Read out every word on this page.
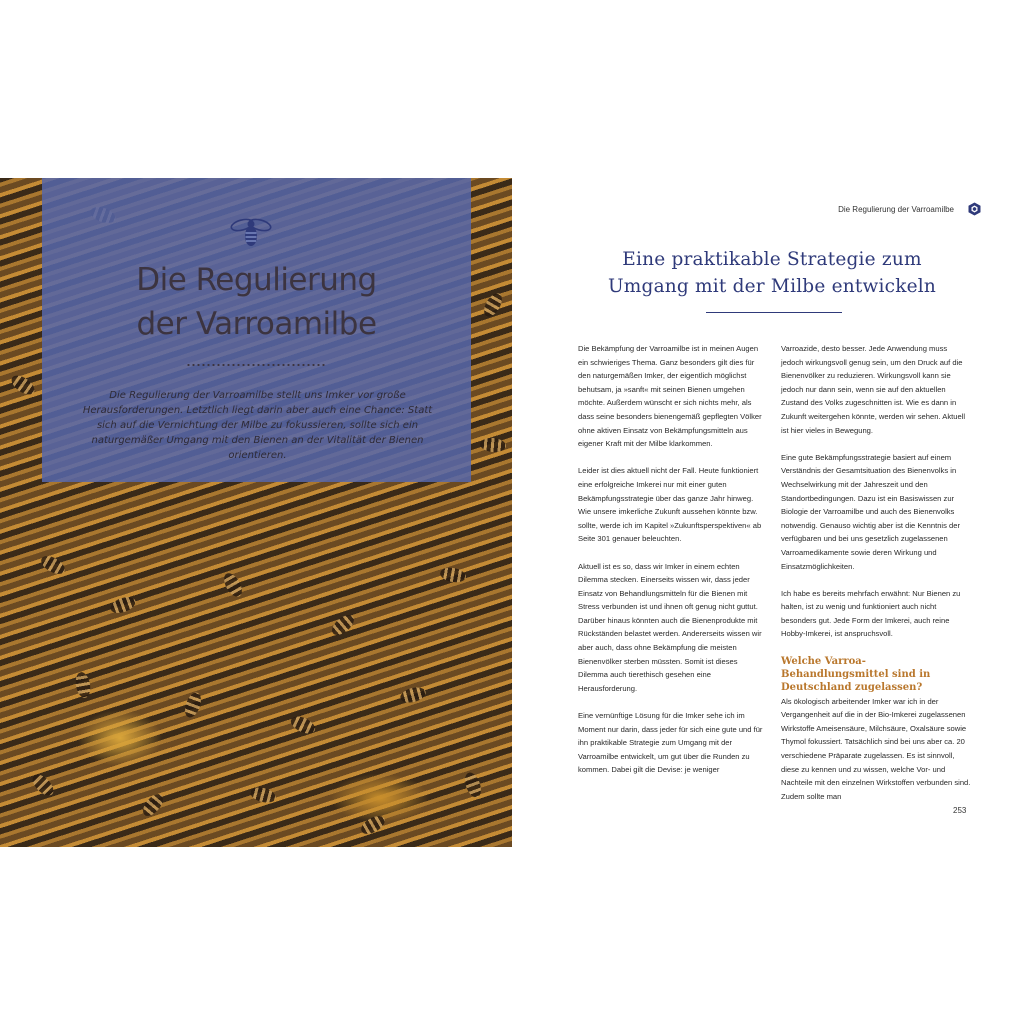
Die Regulierung
der Varroamilbe
Die Regulierung der Varroamilbe stellt uns Imker vor große Herausforderungen. Letztlich liegt darin aber auch eine Chance: Statt sich auf die Vernichtung der Milbe zu fokussieren, sollte sich ein naturgemäßer Umgang mit den Bienen an der Vitalität der Bienen orientieren.
Die Regulierung der Varroamilbe
Eine praktikable Strategie zum
Umgang mit der Milbe entwickeln

Die Bekämpfung der Varroamilbe ist in meinen Augen ein schwieriges Thema. Ganz besonders gilt dies für den naturgemäßen Imker, der eigentlich möglichst behutsam, ja »sanft« mit seinen Bienen umgehen möchte. Außerdem wünscht er sich nichts mehr, als dass seine besonders bienengemäß gepflegten Völker ohne aktiven Einsatz von Bekämpfungsmitteln aus eigener Kraft mit der Milbe klarkommen.

Leider ist dies aktuell nicht der Fall. Heute funktioniert eine erfolgreiche Imkerei nur mit einer guten Bekämpfungsstrategie über das ganze Jahr hinweg. Wie unsere imkerliche Zukunft aussehen könnte bzw. sollte, werde ich im Kapitel »Zukunftsperspektiven« ab Seite 301 genauer beleuchten.

Aktuell ist es so, dass wir Imker in einem echten Dilemma stecken. Einerseits wissen wir, dass jeder Einsatz von Behandlungsmitteln für die Bienen mit Stress verbunden ist und ihnen oft genug nicht guttut. Darüber hinaus könnten auch die Bienenprodukte mit Rückständen belastet werden. Andererseits wissen wir aber auch, dass ohne Bekämpfung die meisten Bienenvölker sterben müssten. Somit ist dieses Dilemma auch tierethisch gesehen eine Herausforderung.

Eine vernünftige Lösung für die Imker sehe ich im Moment nur darin, dass jeder für sich eine gute und für ihn praktikable Strategie zum Umgang mit der Varroamilbe entwickelt, um gut über die Runden zu kommen. Dabei gilt die Devise: je weniger

Varroazide, desto besser. Jede Anwendung muss jedoch wirkungsvoll genug sein, um den Druck auf die Bienenvölker zu reduzieren. Wirkungsvoll kann sie jedoch nur dann sein, wenn sie auf den aktuellen Zustand des Volks zugeschnitten ist. Wie es dann in Zukunft weitergehen könnte, werden wir sehen. Aktuell ist hier vieles in Bewegung.

Eine gute Bekämpfungsstrategie basiert auf einem Verständnis der Gesamtsituation des Bienenvolks in Wechselwirkung mit der Jahreszeit und den Standortbedingungen. Dazu ist ein Basiswissen zur Biologie der Varroamilbe und auch des Bienenvolks notwendig. Genauso wichtig aber ist die Kenntnis der verfügbaren und bei uns gesetzlich zugelassenen Varroamedikamente sowie deren Wirkung und Einsatzmöglichkeiten.

Ich habe es bereits mehrfach erwähnt: Nur Bienen zu halten, ist zu wenig und funktioniert auch nicht besonders gut. Jede Form der Imkerei, auch reine Hobby-Imkerei, ist anspruchsvoll.

Welche Varroa-Behandlungsmittel sind in Deutschland zugelassen?

Als ökologisch arbeitender Imker war ich in der Vergangenheit auf die in der Bio-Imkerei zugelassenen Wirkstoffe Ameisensäure, Milchsäure, Oxalsäure sowie Thymol fokussiert. Tatsächlich sind bei uns aber ca. 20 verschiedene Präparate zugelassen. Es ist sinnvoll, diese zu kennen und zu wissen, welche Vor- und Nachteile mit den einzelnen Wirkstoffen verbunden sind. Zudem sollte man

253
